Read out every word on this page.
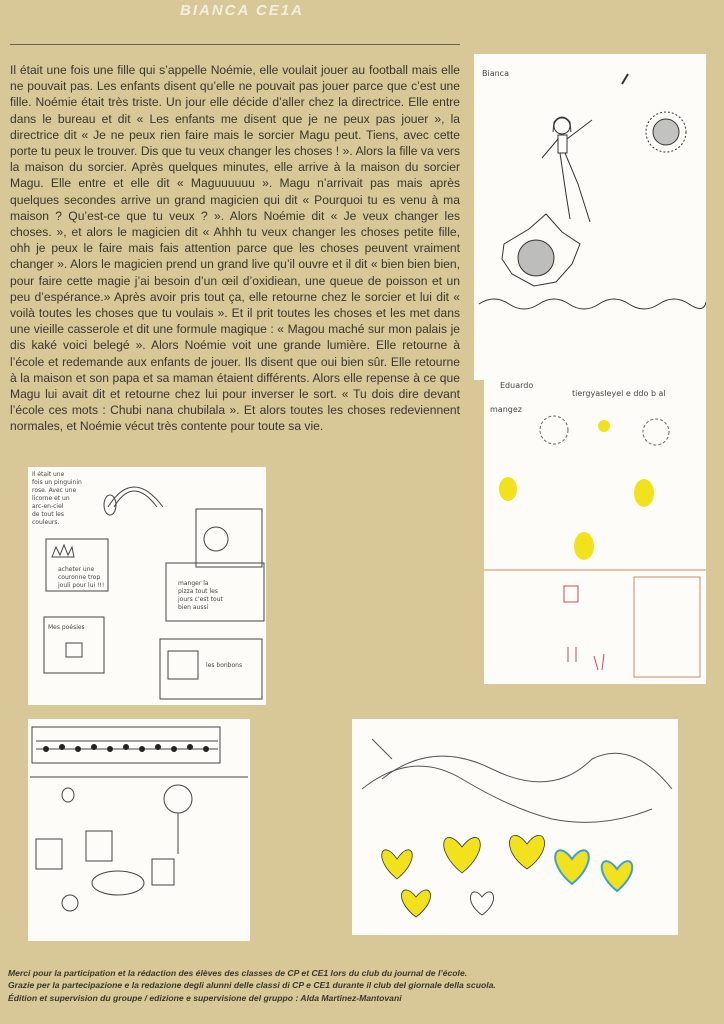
BIANCA CE1A

Il était une fois une fille qui s’appelle Noémie, elle voulait jouer au football mais elle ne pouvait pas. Les enfants disent qu’elle ne pouvait pas jouer parce que c’est une fille. Noémie était très triste. Un jour elle décide d’aller chez la directrice. Elle entre dans le bureau et dit « Les enfants me disent que je ne peux pas jouer », la directrice dit « Je ne peux rien faire mais le sorcier Magu peut. Tiens, avec cette porte tu peux le trouver. Dis que tu veux changer les choses ! ». Alors la fille va vers la maison du sorcier. Après quelques minutes, elle arrive à la maison du sorcier Magu. Elle entre et elle dit « Maguuuuuu ». Magu n’arrivait pas mais après quelques secondes arrive un grand magicien qui dit « Pourquoi tu es venu à ma maison ? Qu’est-ce que tu veux ? ». Alors Noémie dit « Je veux changer les choses. », et alors le magicien dit « Ahhh tu veux changer les choses petite fille, ohh je peux le faire mais fais attention parce que les choses peuvent vraiment changer ». Alors le magicien prend un grand live qu’il ouvre et il dit « bien bien bien, pour faire cette magie j’ai besoin d’un œil d’oxidiean, une queue de poisson et un peu d’espérance.» Après avoir pris tout ça, elle retourne chez le sorcier et lui dit « voilà toutes les choses que tu voulais ». Et il prit toutes les choses et les met dans une vieille casserole et dit une formule magique : « Magou maché sur mon palais je dis kaké voici belegé ». Alors Noémie voit une grande lumière. Elle retourne à l’école et redemande aux enfants de jouer. Ils disent que oui bien sûr. Elle retourne à la maison et son papa et sa maman étaient différents. Alors elle repense à ce que Magu lui avait dit et retourne chez lui pour inverser le sort. « Tu dois dire devant l’école ces mots : Chubi nana chubilala ». Et alors toutes les choses redeviennent normales, et Noémie vécut très contente pour toute sa vie.

Bianca
Eduardo
tiergyasleyel e ddo b al
mangez
Il était une
fois un pinguinin
rose. Avec une
licorne et un
arc-en-ciel
de tout les
couleurs.
acheter une
couronne trop
jouli pour lui !!!	manger la
pizza tout les
jours c'est tout
bien aussi
Mes poésies
les bonbons
Merci pour la participation et la rédaction des élèves des classes de CP et CE1 lors du club du journal de l’école.
Grazie per la partecipazione e la redazione degli alunni delle classi di CP e CE1 durante il club del giornale della scuola.
Édition et supervision du groupe / edizione e supervisione del gruppo : Alda Martinez-Mantovani
